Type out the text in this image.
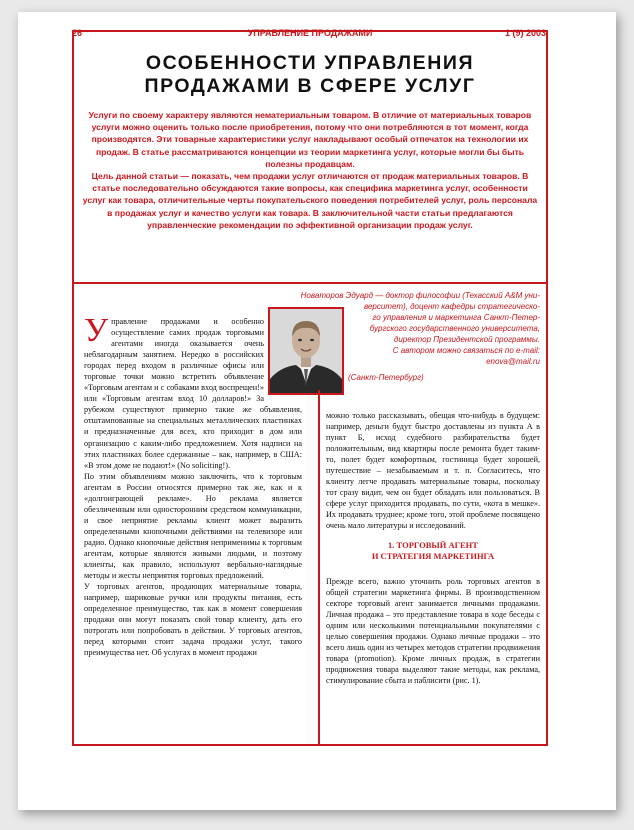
26	УПРАВЛЕНИЕ ПРОДАЖАМИ	1 (9) 2003
ОСОБЕННОСТИ УПРАВЛЕНИЯ
ПРОДАЖАМИ В СФЕРЕ УСЛУГ

Услуги по своему характеру являются нематериальным товаром. В отличие от материальных товаров услуги можно оценить только после приобретения, потому что они потребляются в тот момент, когда производятся. Эти товарные характеристики услуг накладывают особый отпечаток на технологии их продаж. В статье рассматриваются концепции из теории маркетинга услуг, которые могли бы быть полезны продавцам.

Цель данной статьи — показать, чем продажи услуг отличаются от продаж материальных товаров. В статье последовательно обсуждаются такие вопросы, как специфика маркетинга услуг, особенности услуг как товара, отличительные черты покупательского поведения потребителей услуг, роль персонала в продажах услуг и качество услуги как товара. В заключительной части статьи предлагаются управленческие рекомендации по эффективной организации продаж услуг.

Новаторов Эдуард — доктор философии (Техасский A&M уни-
верситет), доцент кафедры стратегическо-
го управления и маркетинга Санкт-Петер-
бургского государственного университета,
директор Президентской программы.
С автором можно связаться по e-mail:
enova@mail.ru
(Санкт-Петербург)
У правление продажами и особенно осуществление самих продаж торговыми агентами иногда оказывается очень неблагодарным занятием. Нередко в российских городах перед входом в различные офисы или торговые точки можно встретить объявление «Торговым агентам и с собаками вход воспрещен!» или «Торговым агентам вход 10 долларов!» За рубежом существуют примерно такие же объявления, отштампованные на специальных металлических пластинках и предназначенные для всех, кто приходит в дом или организацию с каким-либо предложением. Хотя надписи на этих пластинках более сдержанные – как, например, в США: «В этом доме не подают!» (No soliciting!).

По этим объявлениям можно заключить, что к торговым агентам в России относятся примерно так же, как и к «долгоиграющей рекламе». Но реклама является обезличенным или односторонним средством коммуникации, и свое неприятие рекламы клиент может выразить определенными кнопочными действиями на телевизоре или радио. Однако кнопочные действия неприменимы к торговым агентам, которые являются живыми людьми, и поэтому клиенты, как правило, используют вербально-наглядные методы и жесты неприятия торговых предложений.

У торговых агентов, продающих материальные товары, например, шариковые ручки или продукты питания, есть определенное преимущество, так как в момент совершения продажи они могут показать свой товар клиенту, дать его потрогать или попробовать в действии. У торговых агентов, перед которыми стоит задача продажи услуг, такого преимущества нет. Об услугах в момент продажи

можно только рассказывать, обещая что-нибудь в будущем: например, деньги будут быстро доставлены из пункта А в пункт Б, исход судебного разбирательства будет положительным, вид квартиры после ремонта будет таким-то, полет будет комфортным, гостиница будет хорошей, путешествие – незабываемым и т. п. Согласитесь, что клиенту легче продавать материальные товары, поскольку тот сразу видит, чем он будет обладать или пользоваться. В сфере услуг приходится продавать, по сути, «кота в мешке». Их продавать труднее; кроме того, этой проблеме посвящено очень мало литературы и исследований.

1. ТОРГОВЫЙ АГЕНТ
И СТРАТЕГИЯ МАРКЕТИНГА

Прежде всего, важно уточнить роль торговых агентов в общей стратегии маркетинга фирмы. В производственном секторе торговый агент занимается личными продажами. Личная продажа – это представление товара в ходе беседы с одним или несколькими потенциальными покупателями с целью совершения продажи. Однако личные продажи – это всего лишь один из четырех методов стратегии продвижения товара (promotion). Кроме личных продаж, в стратегии продвижения товара выделяют такие методы, как реклама, стимулирование сбыта и паблисити (рис. 1).
